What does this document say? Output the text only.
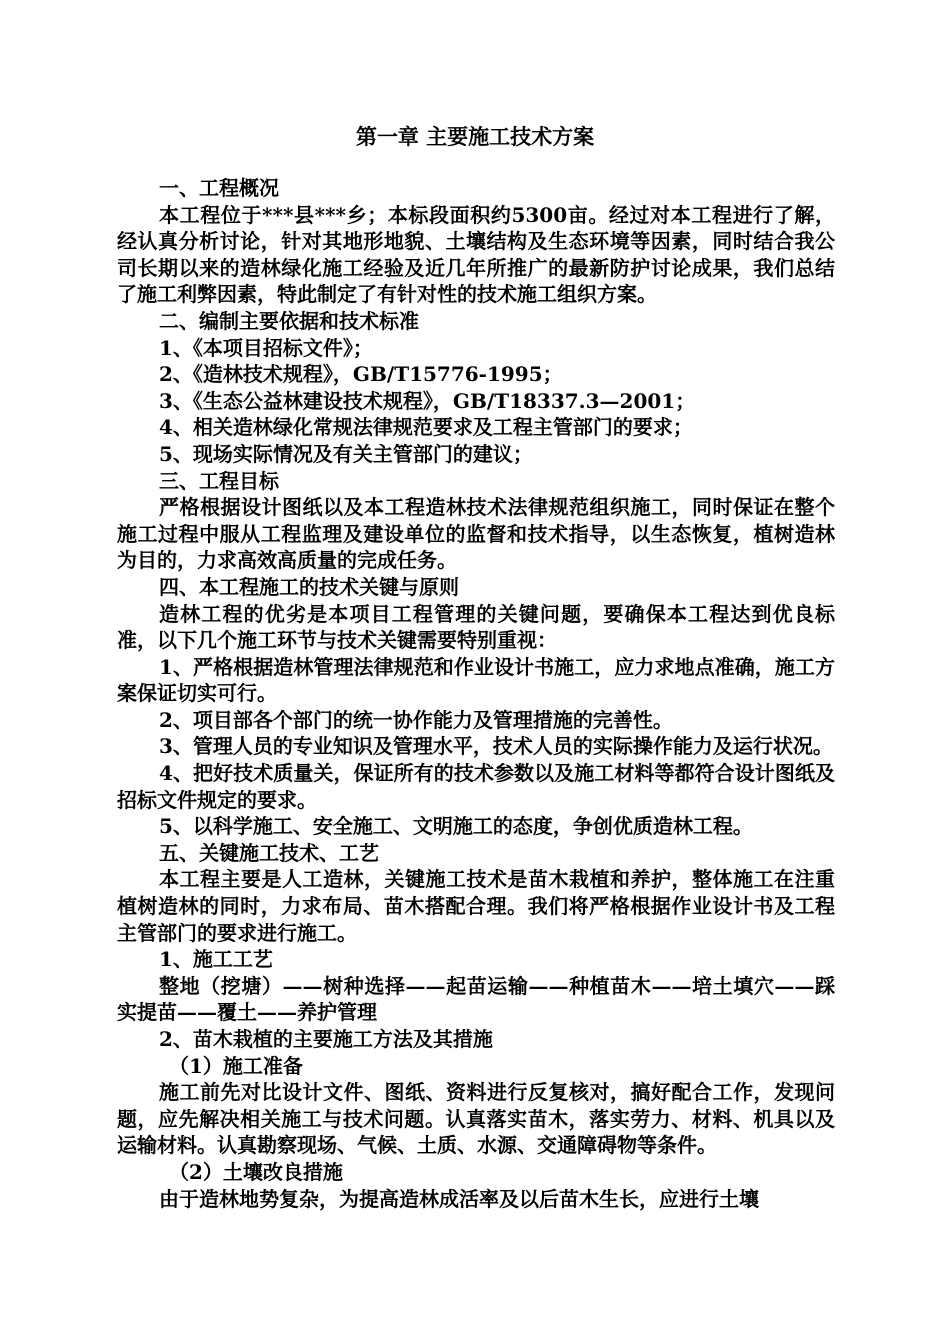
第一章 主要施工技术方案

一、工程概况

本工程位于***县***乡；本标段面积约5300亩。经过对本工程进行了解，经认真分析讨论，针对其地形地貌、土壤结构及生态环境等因素，同时结合我公司长期以来的造林绿化施工经验及近几年所推广的最新防护讨论成果，我们总结了施工利弊因素，特此制定了有针对性的技术施工组织方案。

二、编制主要依据和技术标准

1、《本项目招标文件》；

2、《造林技术规程》，GB/T15776-1995；

3、《生态公益林建设技术规程》，GB/T18337.3—2001；

4、相关造林绿化常规法律规范要求及工程主管部门的要求；

5、现场实际情况及有关主管部门的建议；

三、工程目标

严格根据设计图纸以及本工程造林技术法律规范组织施工，同时保证在整个施工过程中服从工程监理及建设单位的监督和技术指导，以生态恢复，植树造林为目的，力求高效高质量的完成任务。

四、本工程施工的技术关键与原则

造林工程的优劣是本项目工程管理的关键问题，要确保本工程达到优良标准，以下几个施工环节与技术关键需要特别重视：

1、严格根据造林管理法律规范和作业设计书施工，应力求地点准确，施工方案保证切实可行。

2、项目部各个部门的统一协作能力及管理措施的完善性。

3、管理人员的专业知识及管理水平，技术人员的实际操作能力及运行状况。

4、把好技术质量关，保证所有的技术参数以及施工材料等都符合设计图纸及招标文件规定的要求。

5、以科学施工、安全施工、文明施工的态度，争创优质造林工程。

五、关键施工技术、工艺

本工程主要是人工造林，关键施工技术是苗木栽植和养护，整体施工在注重植树造林的同时，力求布局、苗木搭配合理。我们将严格根据作业设计书及工程主管部门的要求进行施工。

1、施工工艺

整地（挖塘）——树种选择——起苗运输——种植苗木——培土填穴——踩实提苗——覆土——养护管理

2、苗木栽植的主要施工方法及其措施

（1）施工准备

施工前先对比设计文件、图纸、资料进行反复核对，搞好配合工作，发现问题，应先解决相关施工与技术问题。认真落实苗木，落实劳力、材料、机具以及运输材料。认真勘察现场、气候、土质、水源、交通障碍物等条件。

（2）土壤改良措施

由于造林地势复杂，为提高造林成活率及以后苗木生长，应进行土壤
